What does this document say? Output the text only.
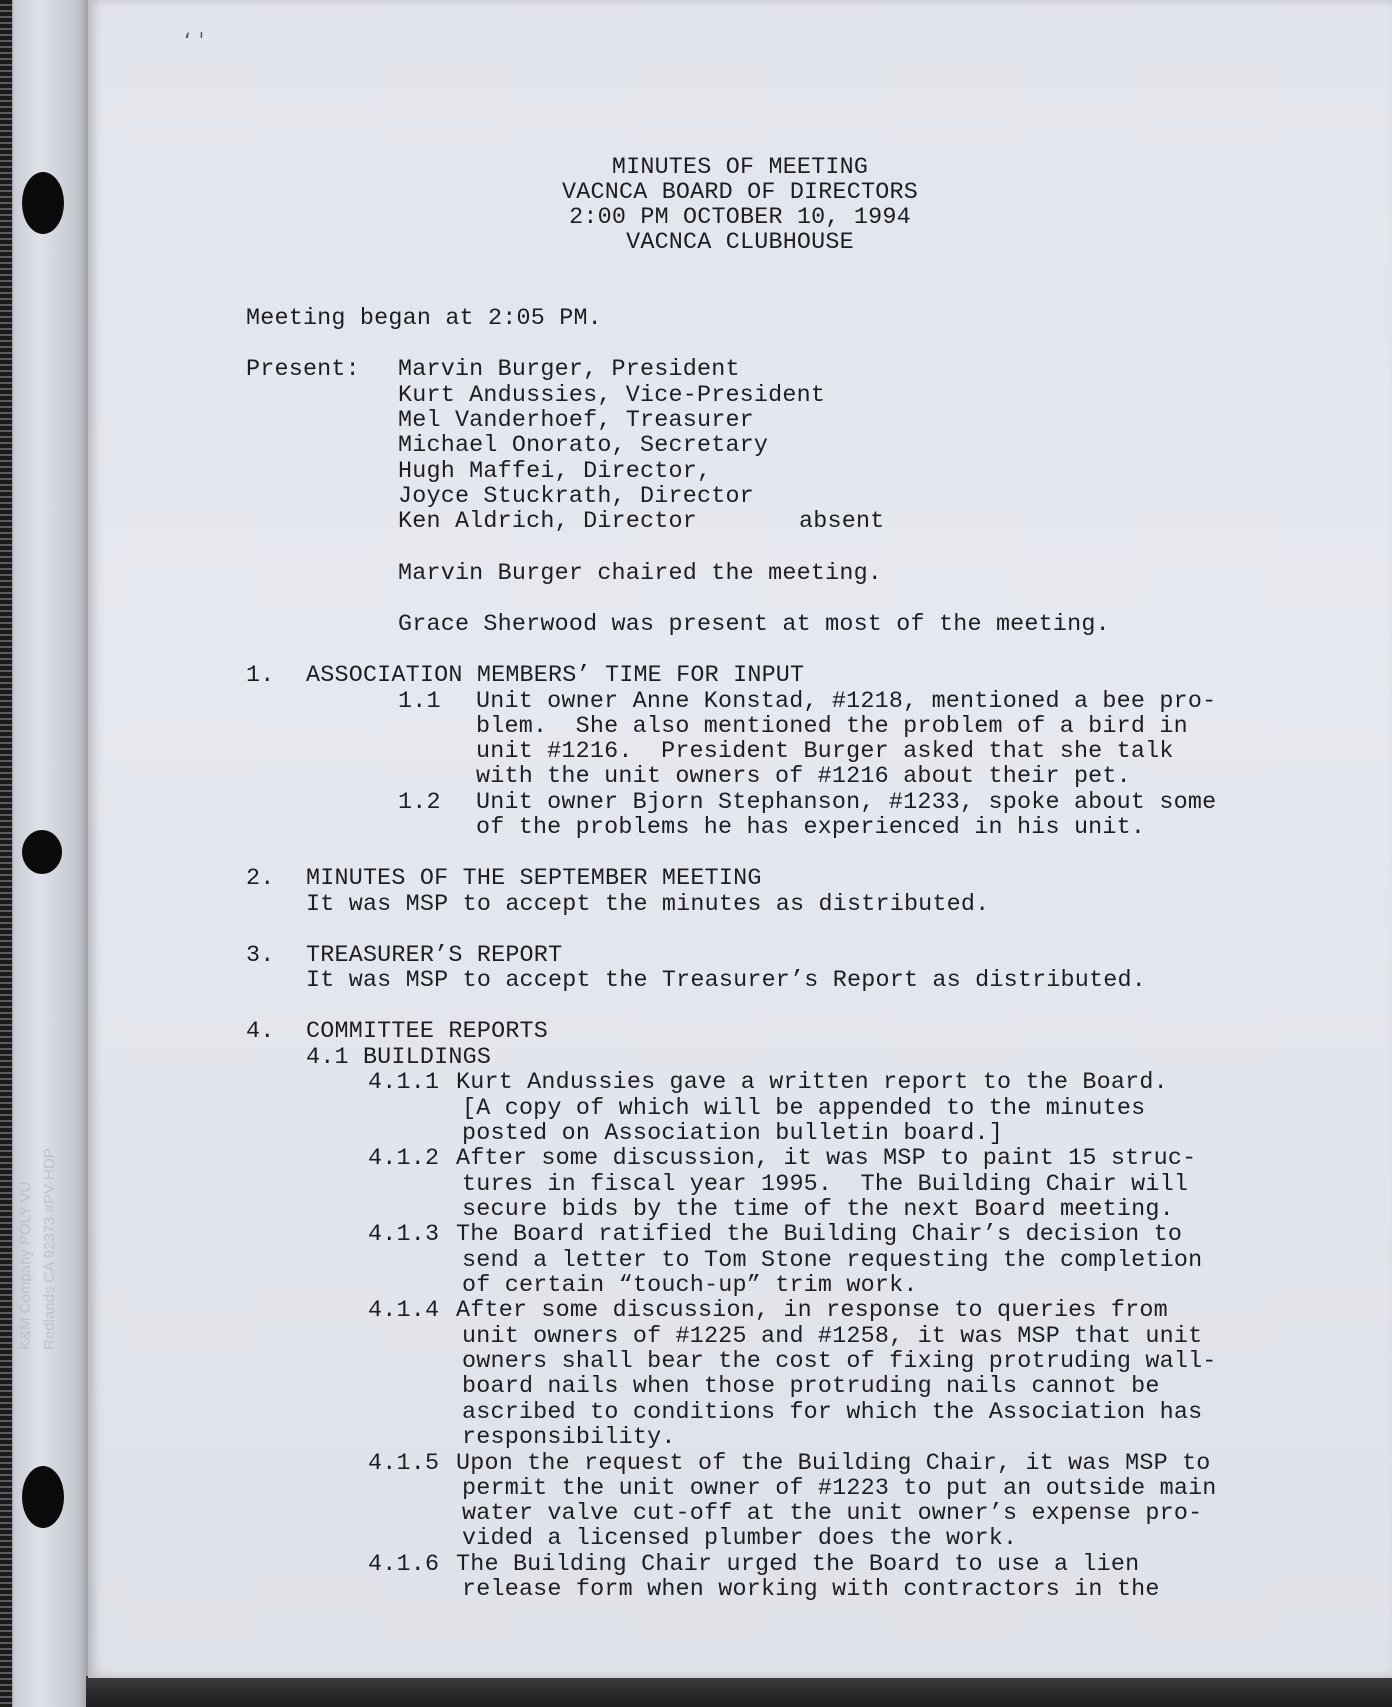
K&M Company POLY-VU Redlands CA 92373 #PV-HDP
ʻ ˈ
MINUTES OF MEETING
VACNCA BOARD OF DIRECTORS
2:00 PM OCTOBER 10, 1994
VACNCA CLUBHOUSE
Meeting began at 2:05 PM.
Present: Marvin Burger, President
Kurt Andussies, Vice-President
Mel Vanderhoef, Treasurer
Michael Onorato, Secretary
Hugh Maffei, Director,
Joyce Stuckrath, Director
Ken Aldrich, Director	absent
Marvin Burger chaired the meeting.
Grace Sherwood was present at most of the meeting.
1. ASSOCIATION MEMBERS’ TIME FOR INPUT
1.1 Unit owner Anne Konstad, #1218, mentioned a bee pro-
blem.  She also mentioned the problem of a bird in
unit #1216.  President Burger asked that she talk
with the unit owners of #1216 about their pet.
1.2 Unit owner Bjorn Stephanson, #1233, spoke about some
of the problems he has experienced in his unit.
2. MINUTES OF THE SEPTEMBER MEETING
It was MSP to accept the minutes as distributed.
3. TREASURER’S REPORT
It was MSP to accept the Treasurer’s Report as distributed.
4. COMMITTEE REPORTS
4.1 BUILDINGS
4.1.1 Kurt Andussies gave a written report to the Board.
[A copy of which will be appended to the minutes
posted on Association bulletin board.]
4.1.2 After some discussion, it was MSP to paint 15 struc-
tures in fiscal year 1995.  The Building Chair will
secure bids by the time of the next Board meeting.
4.1.3 The Board ratified the Building Chair’s decision to
send a letter to Tom Stone requesting the completion
of certain “touch-up” trim work.
4.1.4 After some discussion, in response to queries from
unit owners of #1225 and #1258, it was MSP that unit
owners shall bear the cost of fixing protruding wall-
board nails when those protruding nails cannot be
ascribed to conditions for which the Association has
responsibility.
4.1.5 Upon the request of the Building Chair, it was MSP to
permit the unit owner of #1223 to put an outside main
water valve cut-off at the unit owner’s expense pro-
vided a licensed plumber does the work.
4.1.6 The Building Chair urged the Board to use a lien
release form when working with contractors in the
